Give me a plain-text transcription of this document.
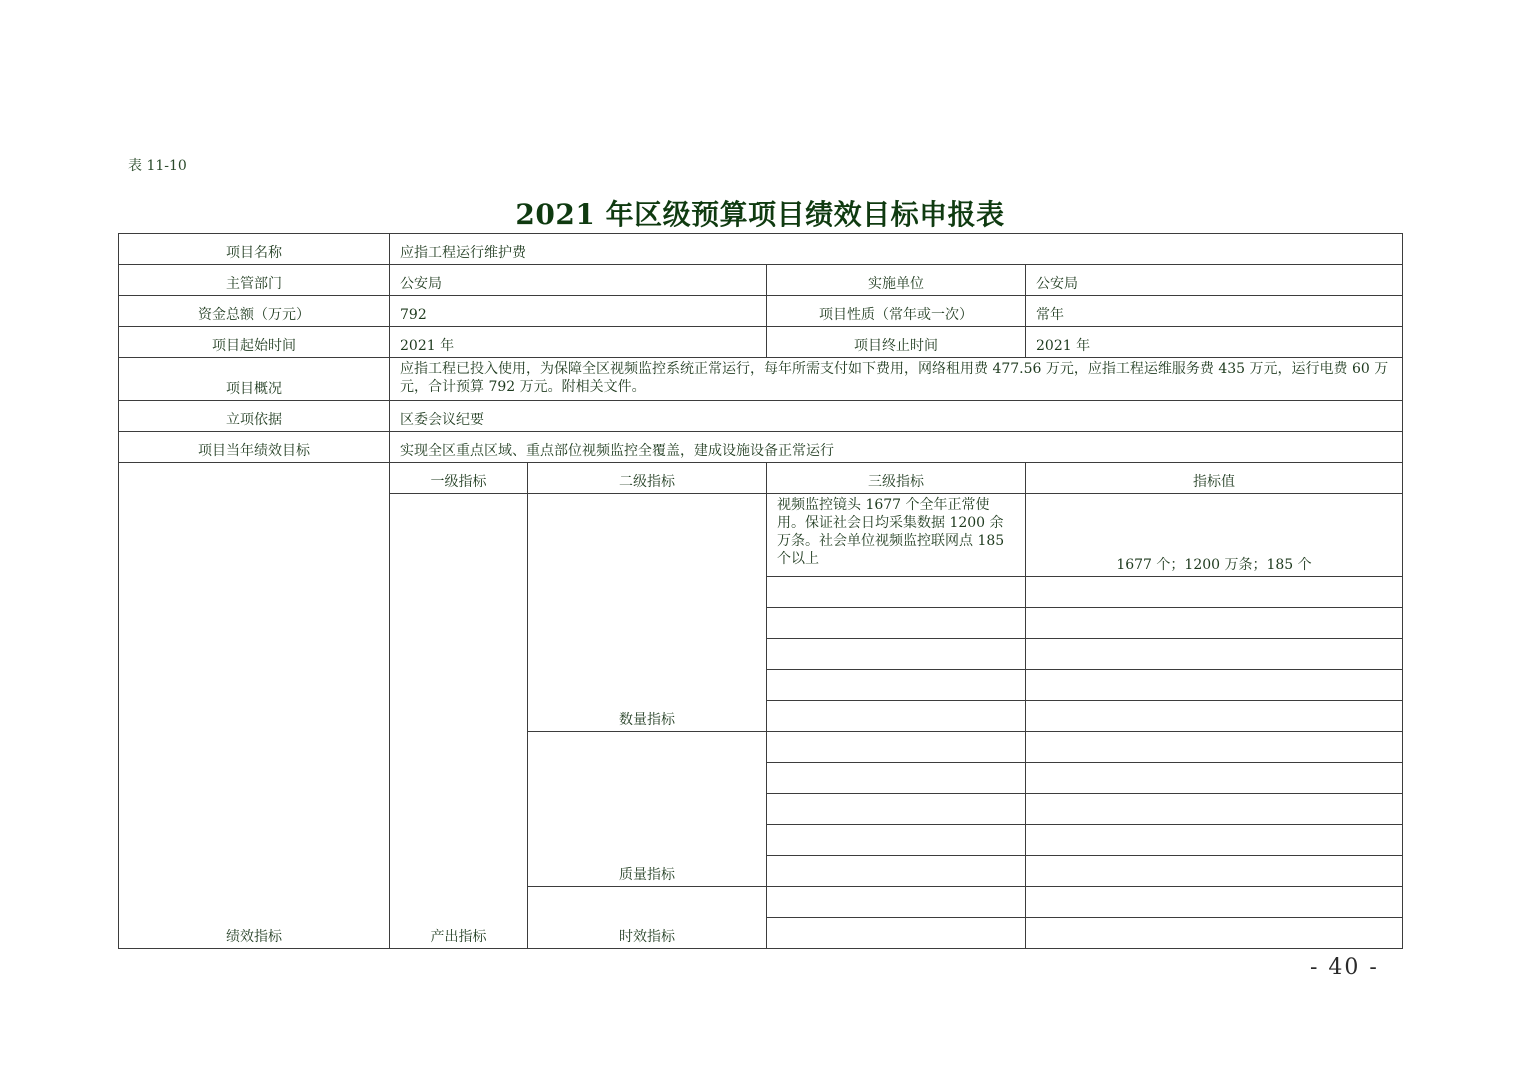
表 11-10
2021 年区级预算项目绩效目标申报表
项目名称	应指工程运行维护费			
主管部门	公安局		实施单位	公安局
资金总额（万元）	792		项目性质（常年或一次）	常年
项目起始时间	2021 年		项目终止时间	2021 年
项目概况	应指工程已投入使用，为保障全区视频监控系统正常运行，每年所需支付如下费用，网络租用费 477.56 万元，应指工程运维服务费 435 万元，运行电费 60 万元，合计预算 792 万元。附相关文件。			
立项依据	区委会议纪要			
项目当年绩效目标	实现全区重点区域、重点部位视频监控全覆盖，建成设施设备正常运行			
绩效指标	一级指标	二级指标	三级指标	指标值
	产出指标	数量指标	视频监控镜头 1677 个全年正常使用。保证社会日均采集数据 1200 余万条。社会单位视频监控联网点 185 个以上	1677 个；1200 万条；185 个

		质量指标		

		时效指标		

- 40 -
